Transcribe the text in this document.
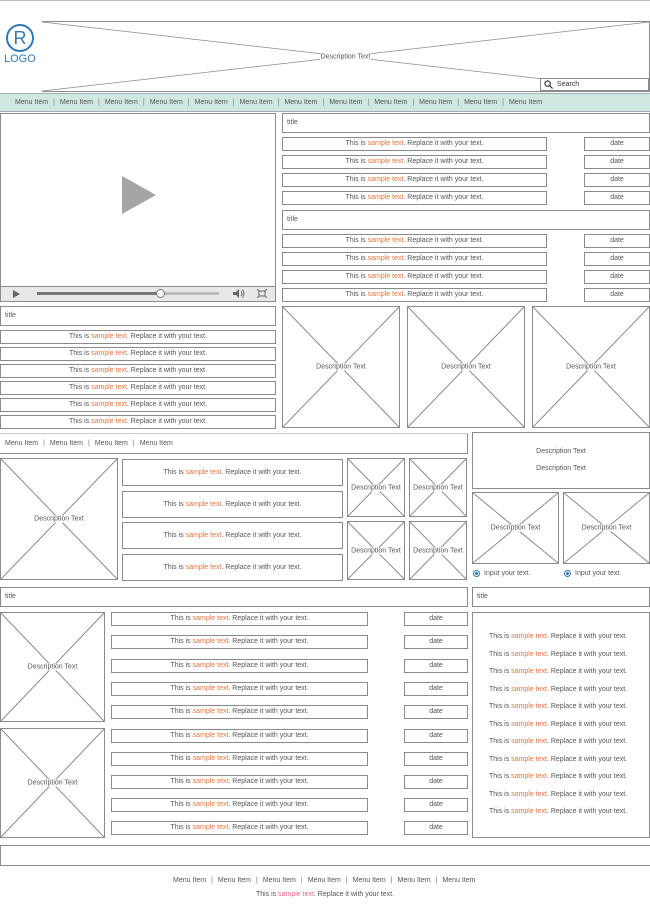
R
LOGO	Description Text
Search
Menu Item | Menu Item | Menu Item | Menu Item | Menu Item | Menu Item | Menu Item | Menu Item | Menu Item | Menu Item | Menu Item | Menu Item
title
Menu Item | Menu Item | Menu Item | Menu Item
Description Text
Description Text
title	title
Menu Item | Menu Item | Menu Item | Menu Item | Menu Item | Menu Item | Menu Item
This is sample text. Replace it with your text.
title
This is sample text. Replace it with your text.	date
This is sample text. Replace it with your text.	date
This is sample text. Replace it with your text.	date
This is sample text. Replace it with your text.	date
title
This is sample text. Replace it with your text.	date
This is sample text. Replace it with your text.	date
This is sample text. Replace it with your text.	date
This is sample text. Replace it with your text.	date
This is sample text. Replace it with your text.
This is sample text. Replace it with your text.
This is sample text. Replace it with your text.
This is sample text. Replace it with your text.
This is sample text. Replace it with your text.
This is sample text. Replace it with your text.
Description Text	Description Text	Description Text
Description Text
This is sample text. Replace it with your text.
This is sample text. Replace it with your text.
This is sample text. Replace it with your text.
This is sample text. Replace it with your text.
Description Text	Description Text
Description Text	Description Text
Description Text	Description Text
Input your text.	Input your text.
Description Text
Description Text
This is sample text. Replace it with your text.	date
This is sample text. Replace it with your text.	date
This is sample text. Replace it with your text.	date
This is sample text. Replace it with your text.	date
This is sample text. Replace it with your text.	date
This is sample text. Replace it with your text.	date
This is sample text. Replace it with your text.	date
This is sample text. Replace it with your text.	date
This is sample text. Replace it with your text.	date
This is sample text. Replace it with your text.	date
This is sample text. Replace it with your text.
This is sample text. Replace it with your text.
This is sample text. Replace it with your text.
This is sample text. Replace it with your text.
This is sample text. Replace it with your text.
This is sample text. Replace it with your text.
This is sample text. Replace it with your text.
This is sample text. Replace it with your text.
This is sample text. Replace it with your text.
This is sample text. Replace it with your text.
This is sample text. Replace it with your text.
